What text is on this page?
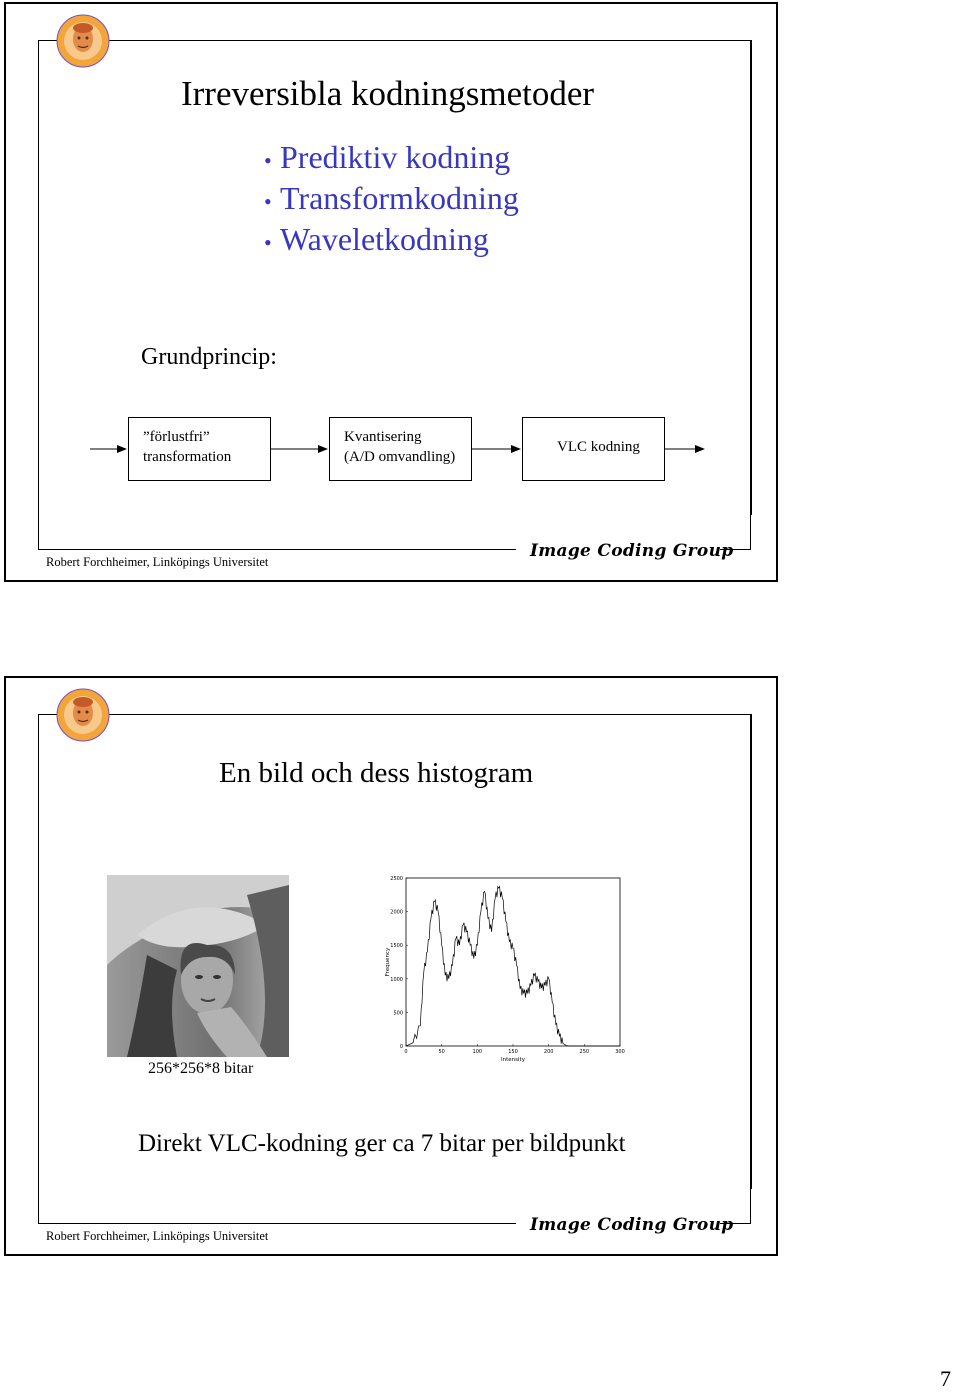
Irreversibla kodningsmetoder
• Prediktiv kodning
• Transformkodning
• Waveletkodning
Grundprincip:
”förlustfri”
transformation
Kvantisering
(A/D omvandling)
VLC kodning
Robert Forchheimer, Linköpings Universitet
Image Coding Group
Robert Forchheimer, Linköpings Universitet
Image Coding Group
En bild och dess histogram
256*256*8 bitar
2500
2000
1500
1000
500
0
0	50	100	150	200	250	300
Intensity
Frequency
Direkt VLC-kodning ger ca 7 bitar per bildpunkt
7
